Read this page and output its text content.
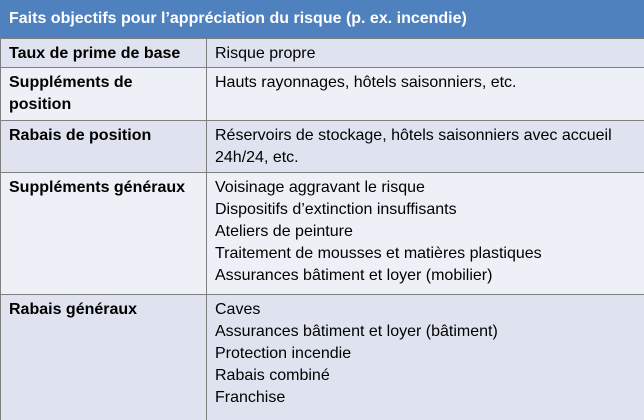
Faits objectifs pour l’appréciation du risque (p. ex. incendie)
Taux de prime de base	Risque propre

Suppléments de position	Hauts rayonnages, hôtels saisonniers, etc.

Rabais de position	Réservoirs de stockage, hôtels saisonniers avec accueil 24h/24, etc.

Suppléments généraux	Voisinage aggravant le risque
Dispositifs d’extinction insuffisants
Ateliers de peinture
Traitement de mousses et matières plastiques
Assurances bâtiment et loyer (mobilier)

Rabais généraux	Caves
Assurances bâtiment et loyer (bâtiment)
Protection incendie
Rabais combiné
Franchise
